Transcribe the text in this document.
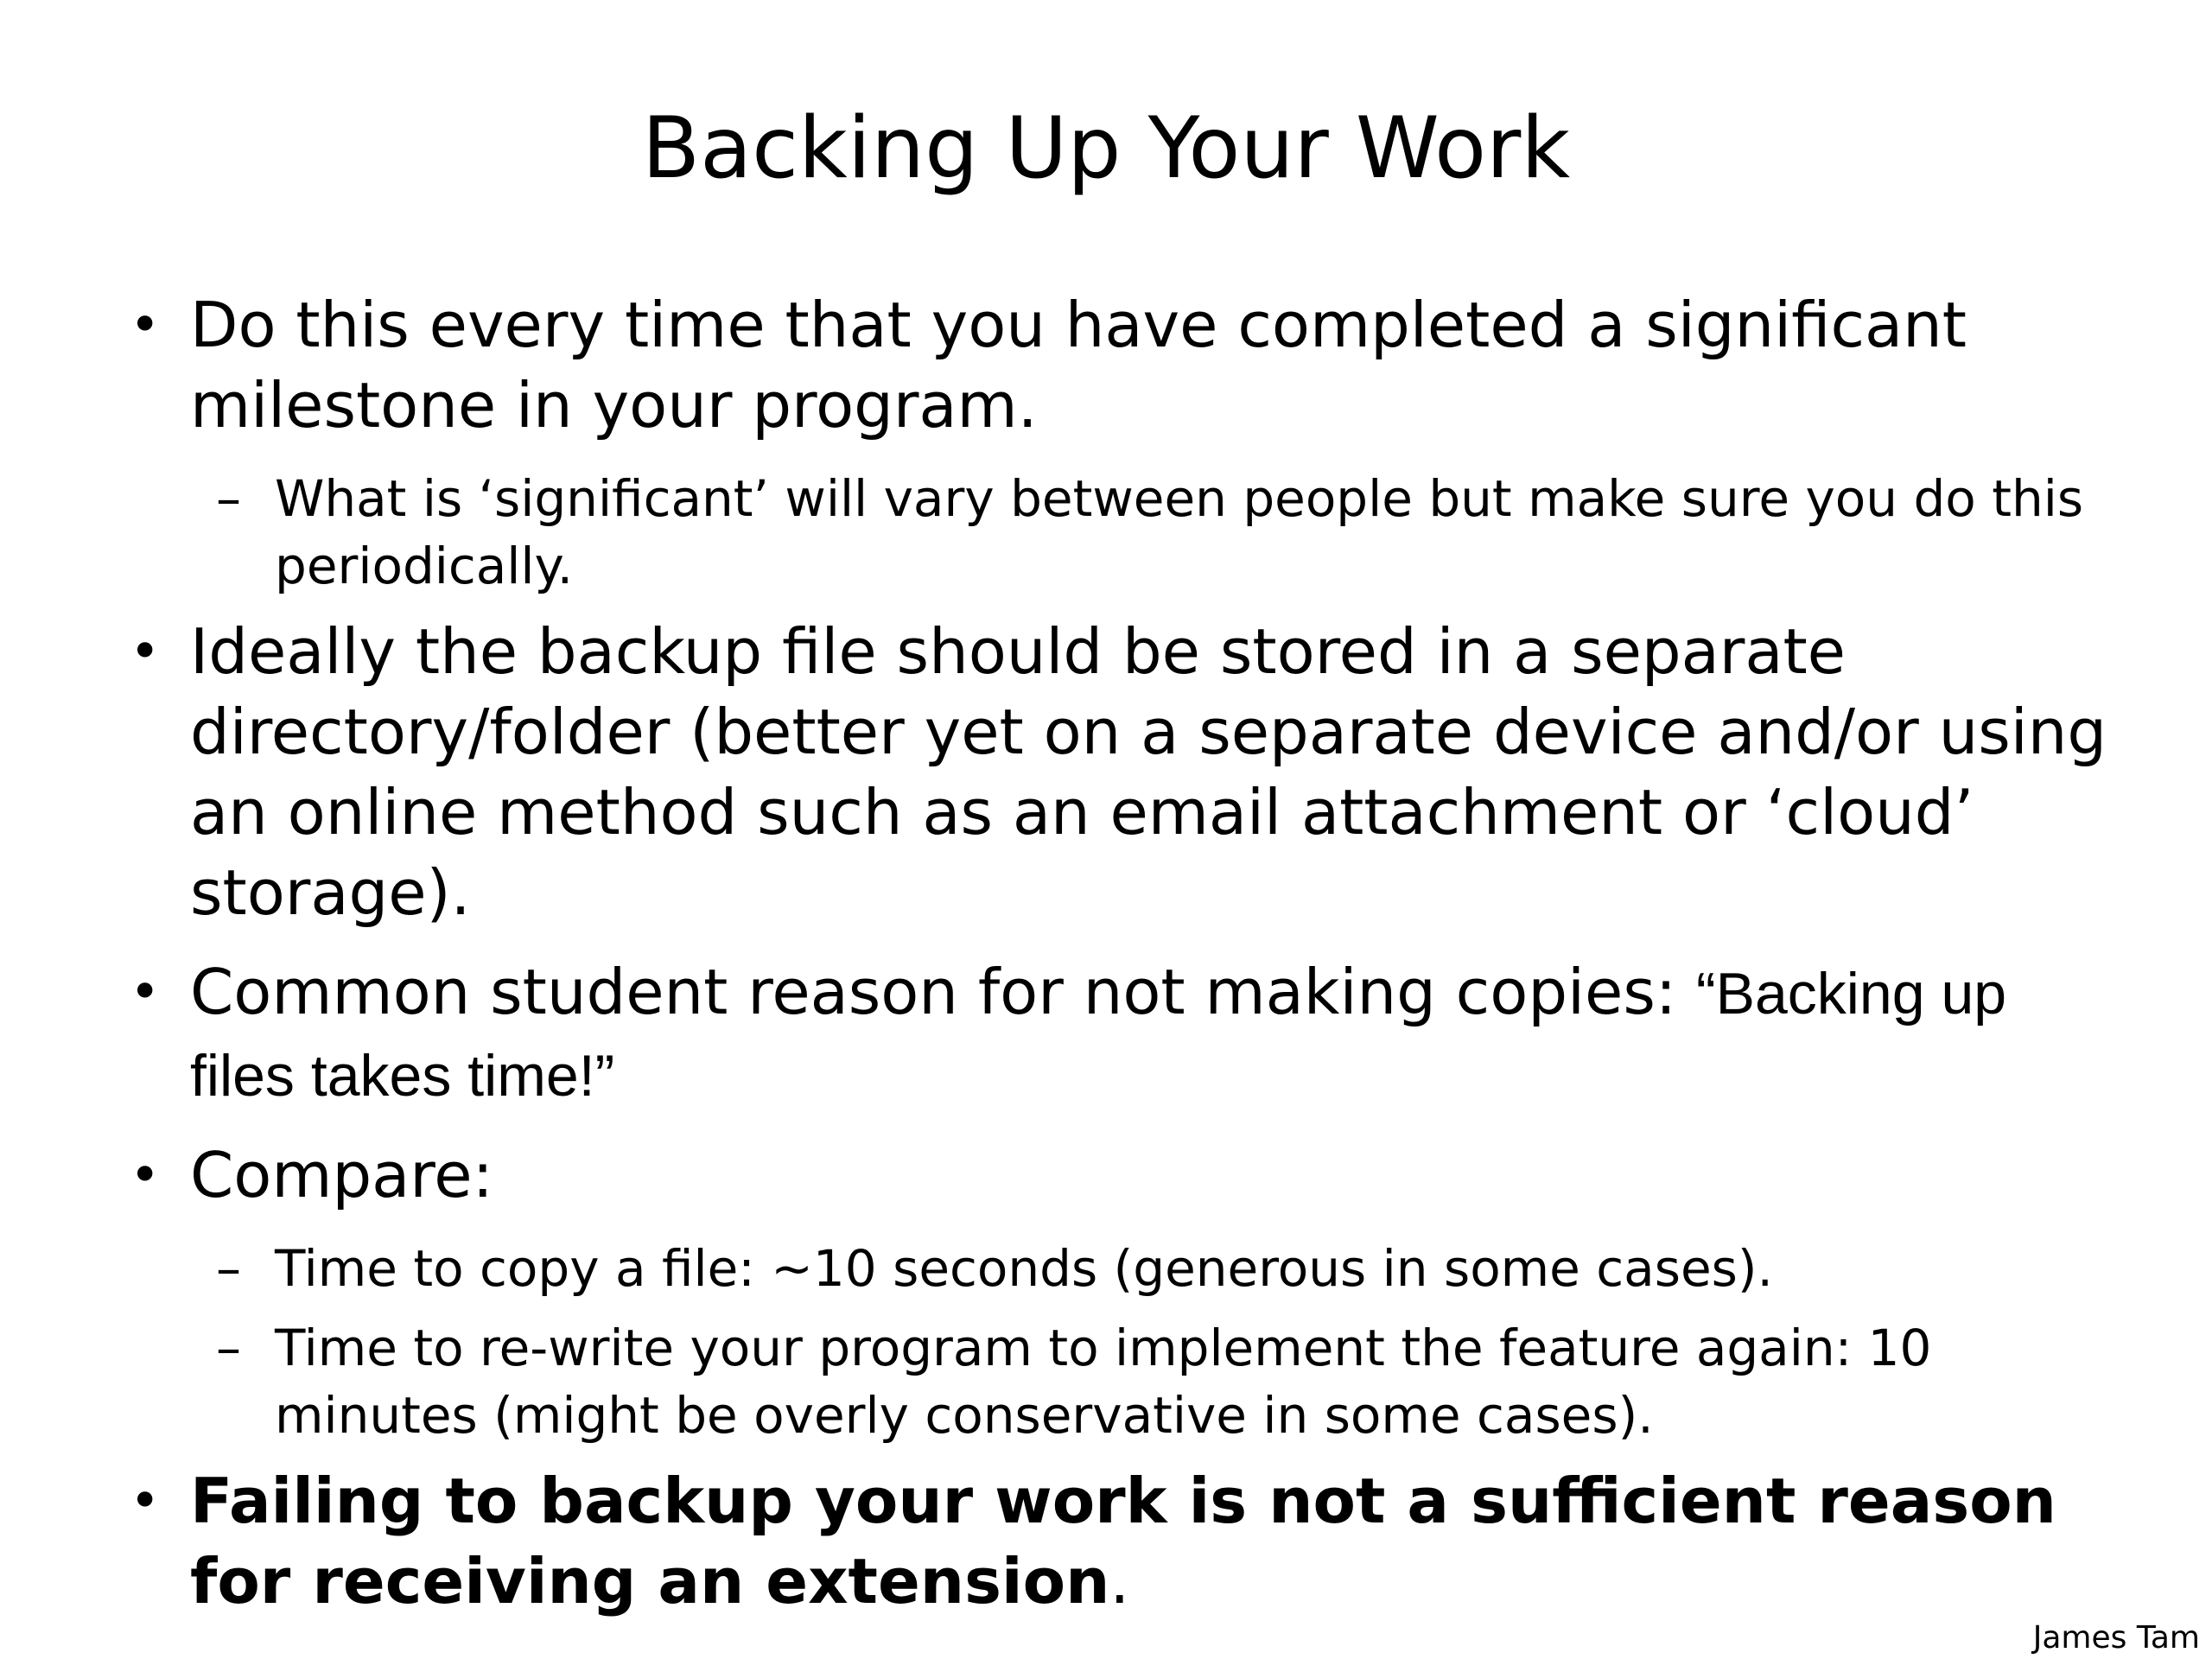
Backing Up Your Work
• Do this every time that you have completed a significant milestone in your program.
– What is ‘significant’ will vary between people but make sure you do this periodically.
• Ideally the backup file should be stored in a separate directory/folder (better yet on a separate device and/or using an online method such as an email attachment or ‘cloud’ storage).
• Common student reason for not making copies: “Backing up files takes time!”
• Compare:
– Time to copy a file: ~10 seconds (generous in some cases).
– Time to re-write your program to implement the feature again: 10 minutes (might be overly conservative in some cases).
• Failing to backup your work is not a sufficient reason for receiving an extension.
James Tam
